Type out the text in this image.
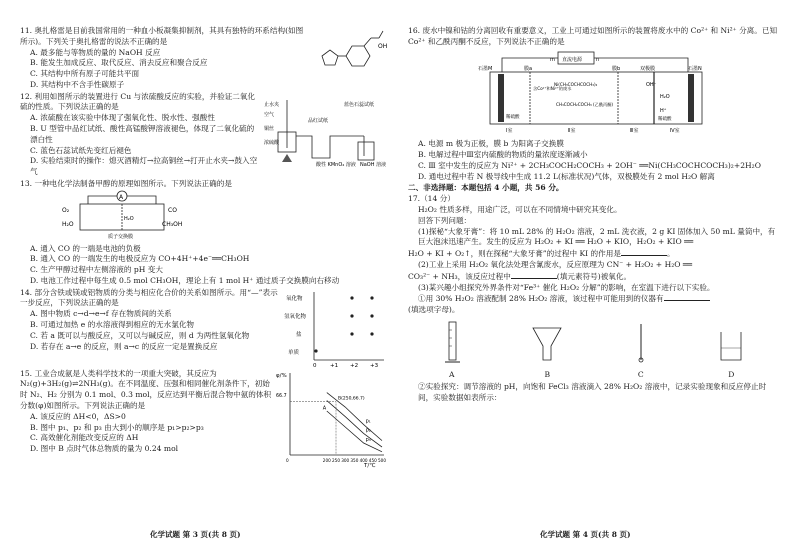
11. 奥扎格雷是目前我国常用的一种血小板凝集抑制剂，其具有独特的环系结构(如图所示)。下列关于奥扎格雷的说法不正确的是
A. 最多能与等物质的量的 NaOH 反应
B. 能发生加成反应、取代反应、消去反应和聚合反应
C. 其结构中所有原子可能共平面
D. 其结构中不含手性碳原子
OH
12. 利用如图所示的装置进行 Cu 与浓硫酸反应的实验，并验证二氧化硫的性质。下列说法正确的是
A. 浓硫酸在该实验中体现了强氧化性、脱水性、强酸性
B. U 型管中品红试纸、酸性高锰酸钾溶液褪色，体现了二氧化硫的漂白性
C. 蓝色石蕊试纸先变红后褪色
D. 实验结束时的操作：熄灭酒精灯→拉高铜丝→打开止水夹→鼓入空气
止水夹
铜丝
空气
浓硫酸
品红试纸
蓝色石蕊试纸
酸性 KMnO₄ 溶液 NaOH 溶液
13. 一种电化学法制备甲醇的原理如图所示。下列说法正确的是
A
O₂
H₂O
CO
CH₃OH
H₂O
质子交换膜
A. 通入 CO 的一端是电池的负极
B. 通入 CO 的一端发生的电极反应为 CO+4H⁺+4e⁻══CH₃OH
C. 生产甲醇过程中左侧溶液的 pH 变大
D. 电池工作过程中每生成 0.5 mol CH₃OH，理论上有 1 mol H⁺ 通过质子交换膜向右移动
14. 部分含铁或镁或铝物质的分类与相应化合价的关系如图所示。用“—”表示一步反应，下列说法正确的是
A. 图中物质 c→d→e→f 存在物质间的关系
B. 可通过加热 e 的水溶液得到相应的无水氯化物
C. 若 a 既可以与酸反应，又可以与碱反应，则 d 为两性氢氧化物
D. 若存在 a→e 的反应，则 a→c 的反应一定是置换反应
氧化物
氢氧化物
盐
单质
0 +1 +2 +3
15. 工业合成氨是人类科学技术的一项重大突破，其反应为 N₂(g)+3H₂(g)⇌2NH₃(g)。在不同温度、压强和相同催化剂条件下，初始时 N₂、H₂ 分别为 0.1 mol、0.3 mol，反应达到平衡后混合物中氨的体积分数(φ)如图所示。下列说法正确的是
A. 该反应的 ΔH<0，ΔS>0
B. 图中 p₁、p₂ 和 p₃ 由大到小的顺序是 p₁>p₂>p₃
C. 高效催化剂能改变反应的 ΔH
D. 图中 B 点时气体总物质的量为 0.24 mol
φ/%
T/℃
66.7
0	200 250 300 350 400 450 500
p₁
p₂
p₃
A
B(250,66.7)
16. 废水中镍和钴的分离回收有重要意义，工业上可通过如图所示的装置将废水中的 Co²⁺ 和 Ni²⁺ 分离。已知 Co²⁺ 和乙酰丙酮不反应，下列说法不正确的是
直流电源
m	n
石墨M	石墨N
膜a	膜b	双极膜
稀硫酸
含Co²⁺和Ni²⁺的废水
Ni(CH₃COCHCOCH₃)₂
CH₃COCH₂COCH₃ (乙酰丙酮)
OH⁻
H₂O
H⁺
稀硫酸
Ⅰ室	Ⅱ室	Ⅲ室	Ⅳ室
A. 电源 m 极为正极，膜 b 为阳离子交换膜
B. 电解过程中Ⅲ室内硫酸的物质的量浓度逐渐减小
C. Ⅲ 室中发生的反应为 Ni²⁺ + 2CH₃COCH₂COCH₃ + 2OH⁻ ══Ni(CH₃COCHCOCH₃)₂+2H₂O
D. 通电过程中若 N 极导线中生成 11.2 L(标准状况)气体，双极膜处有 2 mol H₂O 解离
二、非选择题：本题包括 4 小题，共 56 分。
17.（14 分）
H₂O₂ 性质多样，用途广泛，可以在不同情境中研究其变化。
回答下列问题：
(1)探秘“大象牙膏”：将 10 mL 28% 的 H₂O₂ 溶液，2 mL 洗衣液，2 g KI 固体加入 50 mL 量筒中，有巨大泡沫迅速产生。发生的反应为 H₂O₂ + KI ══ H₂O + KIO，H₂O₂ + KIO ══
H₂O + KI + O₂↑，则在探秘“大象牙膏”的过程中 KI 的作用是	。
(2)工业上采用 H₂O₂ 氧化法处理含氰废水，反应原理为 CN⁻ + H₂O₂ + H₂O ══
CO₃²⁻ + NH₃，该反应过程中	(填元素符号)被氧化。
(3)某兴趣小组探究外界条件对“Fe³⁺ 催化 H₂O₂ 分解”的影响，在室温下进行以下实验。
①用 30% H₂O₂ 溶液配制 28% H₂O₂ 溶液，该过程中可能用到的仪器有
(填选项字母)。
A	B	C	D
②实验探究：调节溶液的 pH，向饱和 FeCl₃ 溶液滴入 28% H₂O₂ 溶液中，记录实验现象和反应停止时间，实验数据如表所示：
化学试题 第 3 页(共 8 页)	化学试题 第 4 页(共 8 页)
